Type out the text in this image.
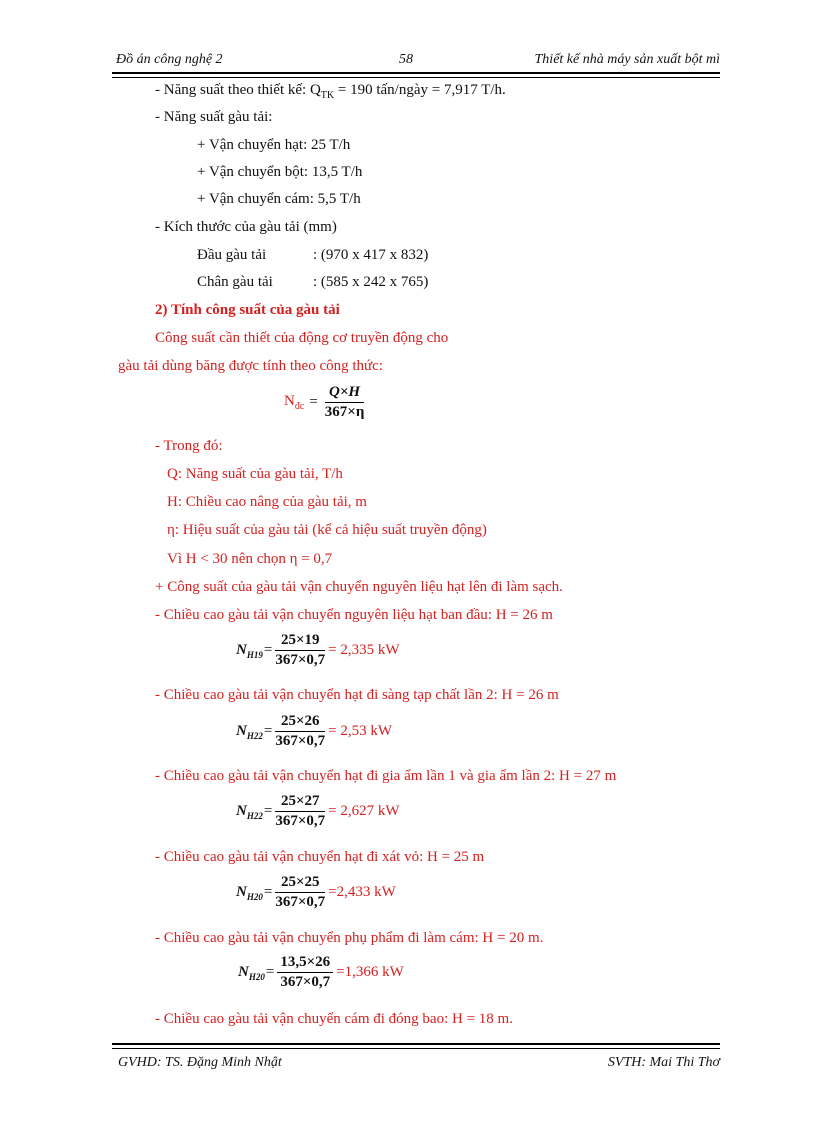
Đồ án công nghệ 2	58	Thiết kế nhà máy sản xuất bột mì
- Năng suất theo thiết kế: $Q_{TK} = 190$ tấn/ngày = 7,917 T/h.
- Năng suất gàu tải:
+ Vận chuyển hạt: 25 T/h
+ Vận chuyển bột: 13,5 T/h
+ Vận chuyển cám: 5,5 T/h
- Kích thước của gàu tải (mm)
Đầu gàu tải	: (970 x 417 x 832)
Chân gàu tải	: (585 x 242 x 765)
2) Tính công suất của gàu tải
Công suất cần thiết của động cơ truyền động cho
gàu tải dùng băng được tính theo công thức:
$N_{đc} = \frac{Q\times H}{367\times\eta}$
- Trong đó:
Q: Năng suất của gàu tải, T/h
H: Chiều cao nâng của gàu tải, m
η: Hiệu suất của gàu tải (kể cả hiệu suất truyền động)
Vì H < 30 nên chọn η = 0,7
+ Công suất của gàu tải vận chuyển nguyên liệu hạt lên đi làm sạch.
- Chiều cao gàu tải vận chuyển nguyên liệu hạt ban đầu: H = 26 m
$N_{H19} = \frac{25\times 19}{367\times 0,7} = 2,335$ kW
- Chiều cao gàu tải vận chuyển hạt đi sàng tạp chất lần 2: H = 26 m
$N_{H22} = \frac{25\times 26}{367\times 0,7} = 2,53$ kW
- Chiều cao gàu tải vận chuyển hạt đi gia ẩm lần 1 và gia ẩm lần 2: H = 27 m
$N_{H22} = \frac{25\times 27}{367\times 0,7} = 2,627$ kW
- Chiều cao gàu tải vận chuyển hạt đi xát vỏ: H = 25 m
$N_{H20} = \frac{25\times 25}{367\times 0,7} =2,433$ kW
- Chiều cao gàu tải vận chuyển phụ phẩm đi làm cám: H = 20 m.
$N_{H20} = \frac{13,5\times 26}{367\times 0,7} =1,366$ kW
- Chiều cao gàu tải vận chuyển cám đi đóng bao: H = 18 m.
GVHD: TS. Đặng Minh Nhật	SVTH: Mai Thi Thơ
